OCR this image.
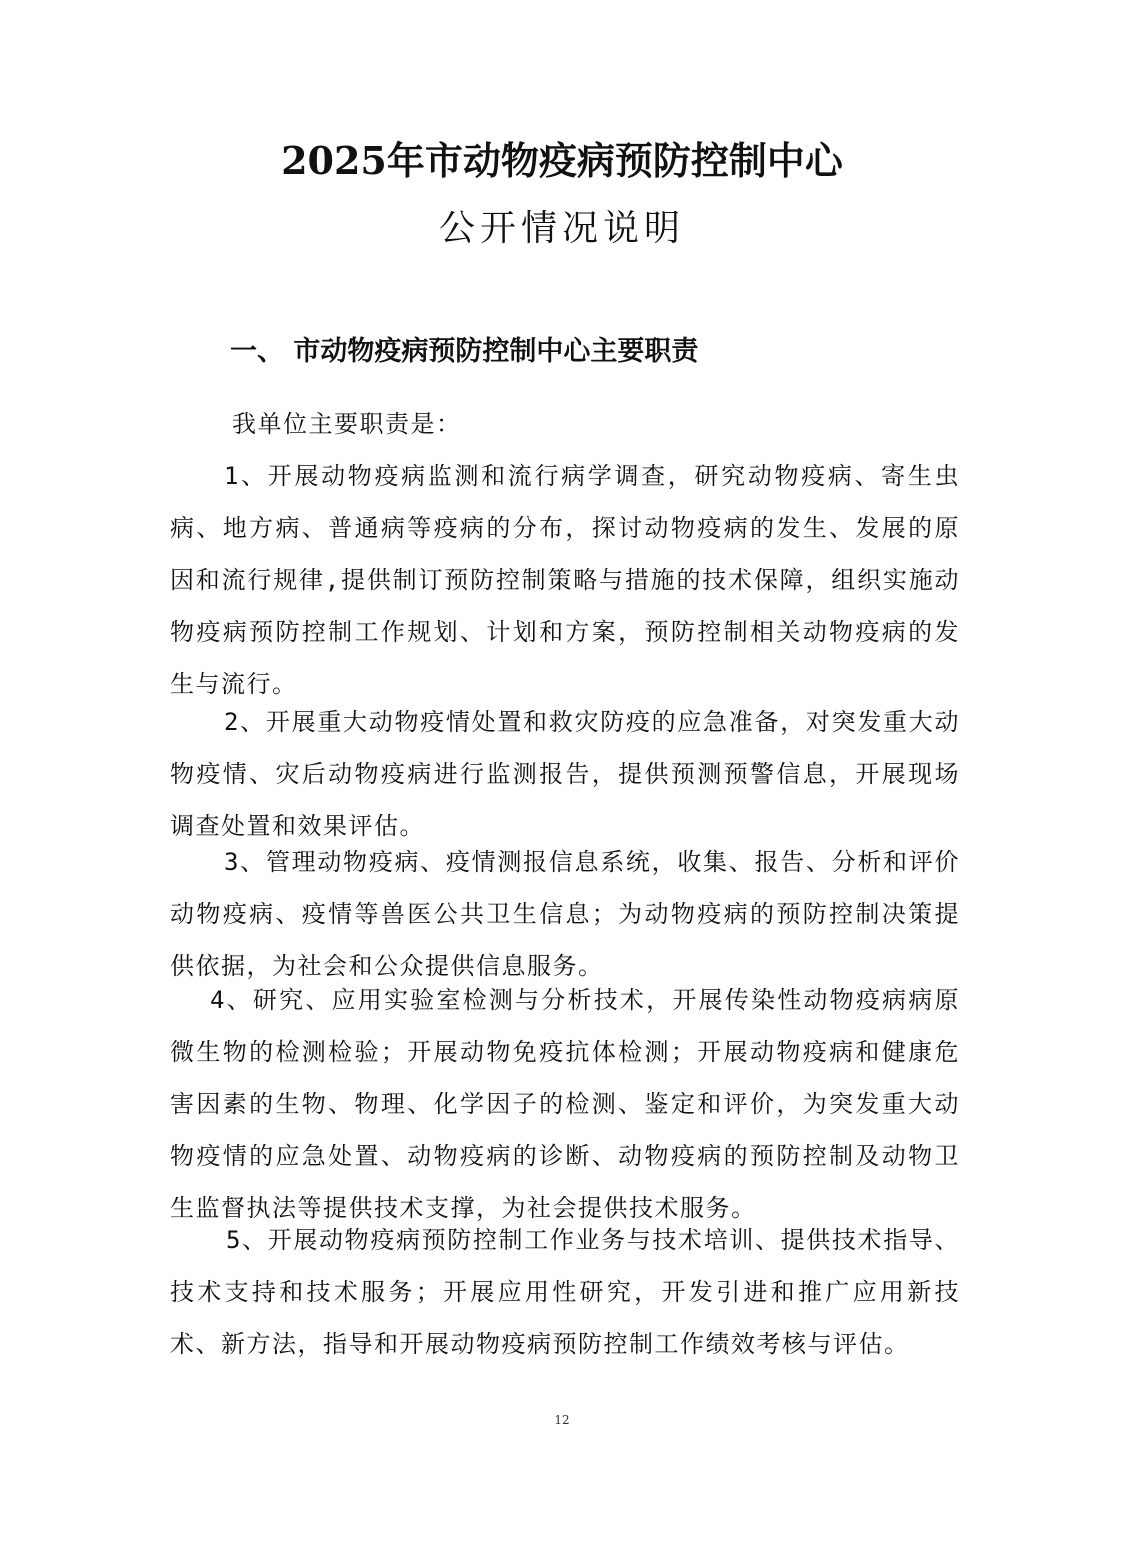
2025年市动物疫病预防控制中心
公开情况说明
一、 市动物疫病预防控制中心主要职责
我单位主要职责是：
1、开展动物疫病监测和流行病学调查，研究动物疫病、寄生虫病、地方病、普通病等疫病的分布，探讨动物疫病的发生、发展的原因和流行规律,提供制订预防控制策略与措施的技术保障，组织实施动物疫病预防控制工作规划、计划和方案，预防控制相关动物疫病的发生与流行。
2、开展重大动物疫情处置和救灾防疫的应急准备，对突发重大动物疫情、灾后动物疫病进行监测报告，提供预测预警信息，开展现场调查处置和效果评估。
3、管理动物疫病、疫情测报信息系统，收集、报告、分析和评价动物疫病、疫情等兽医公共卫生信息；为动物疫病的预防控制决策提供依据，为社会和公众提供信息服务。
4、研究、应用实验室检测与分析技术，开展传染性动物疫病病原微生物的检测检验；开展动物免疫抗体检测；开展动物疫病和健康危害因素的生物、物理、化学因子的检测、鉴定和评价，为突发重大动物疫情的应急处置、动物疫病的诊断、动物疫病的预防控制及动物卫生监督执法等提供技术支撑，为社会提供技术服务。
5、开展动物疫病预防控制工作业务与技术培训、提供技术指导、技术支持和技术服务；开展应用性研究，开发引进和推广应用新技术、新方法，指导和开展动物疫病预防控制工作绩效考核与评估。
12
